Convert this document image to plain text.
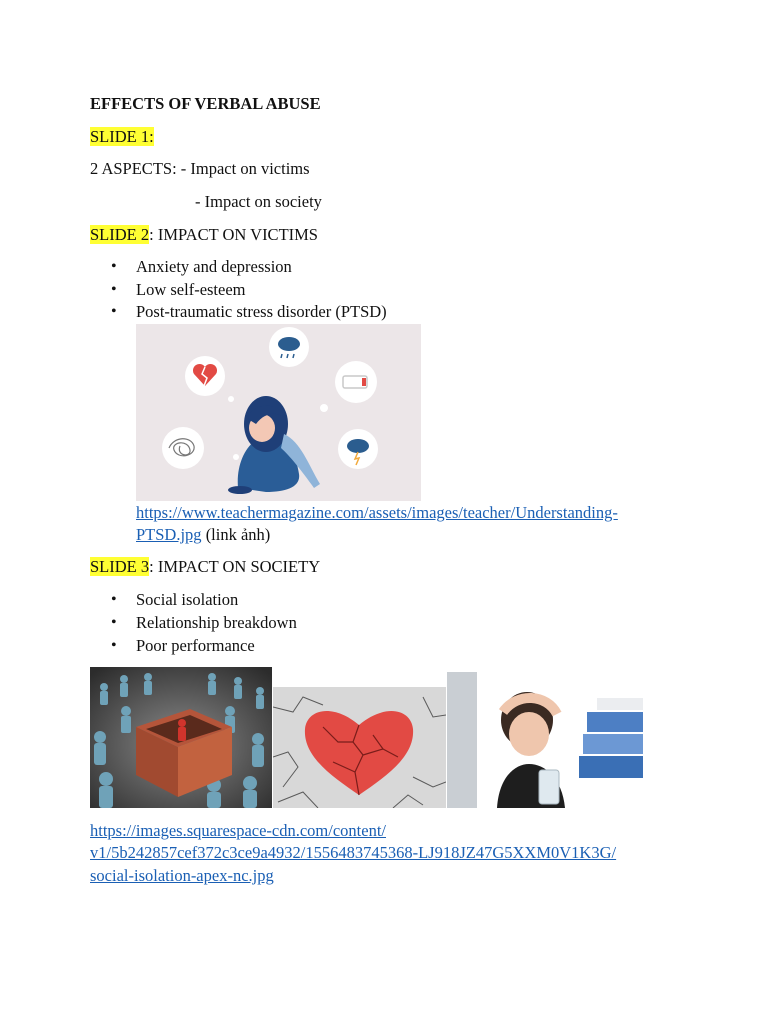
EFFECTS OF VERBAL ABUSE
SLIDE 1:
2 ASPECTS: - Impact on victims
- Impact on society
SLIDE 2: IMPACT ON VICTIMS
• Anxiety and depression
• Low self-esteem
• Post-traumatic stress disorder (PTSD)
https://www.teachermagazine.com/assets/images/teacher/Understanding-
PTSD.jpg (link ảnh)
SLIDE 3: IMPACT ON SOCIETY
• Social isolation
• Relationship breakdown
• Poor performance
https://images.squarespace-cdn.com/content/
v1/5b242857cef372c3ce9a4932/1556483745368-LJ918JZ47G5XXM0V1K3G/
social-isolation-apex-nc.jpg
